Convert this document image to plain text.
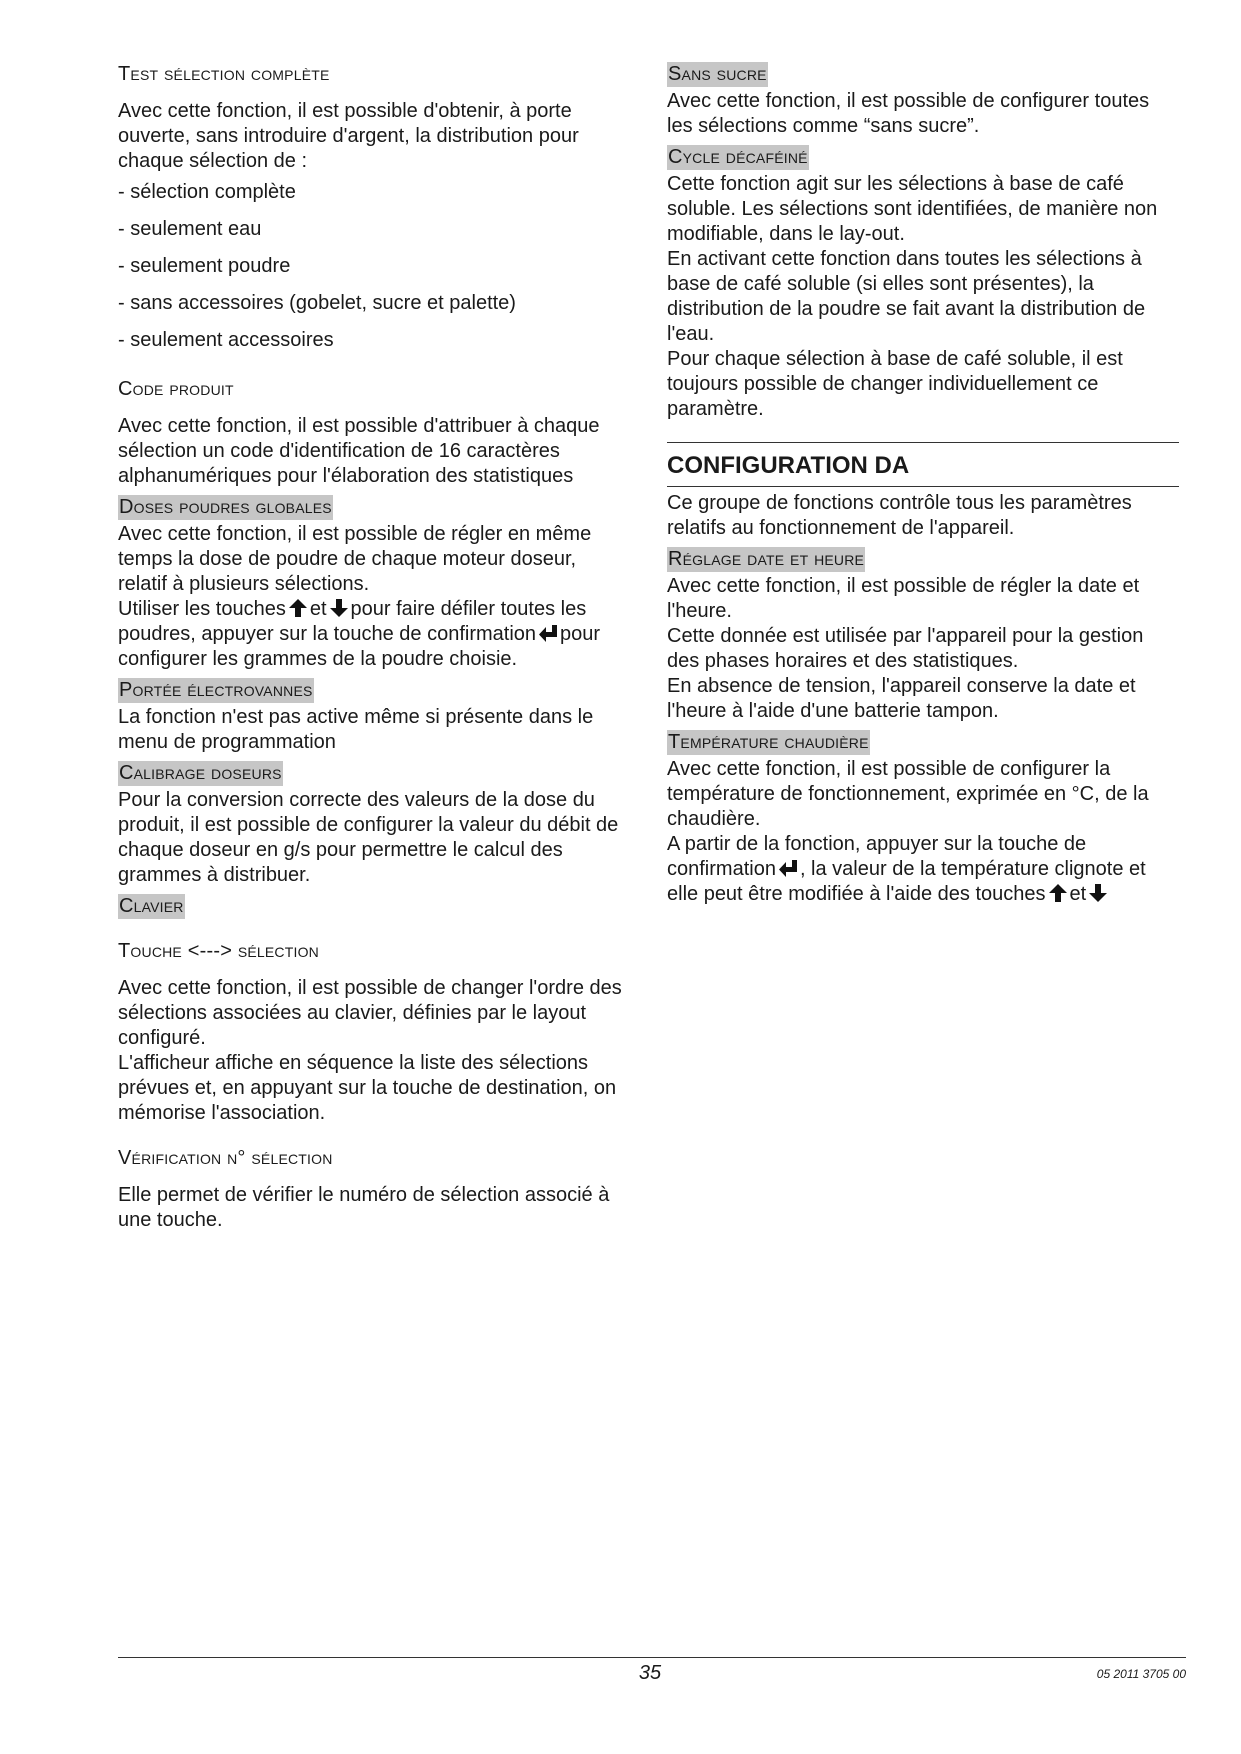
Test sélection complète

Avec cette fonction, il est possible d'obtenir, à porte ouverte, sans introduire d'argent, la distribution pour chaque sélection de :

- sélection complète

- seulement eau

- seulement poudre

- sans accessoires (gobelet, sucre et palette)

- seulement accessoires

Code produit

Avec cette fonction, il est possible d'attribuer à chaque sélection un code d'identification de 16 caractères alphanumériques pour l'élaboration des statistiques

Doses poudres globales

Avec cette fonction, il est possible de régler en même temps la dose de poudre de chaque moteur doseur, relatif à plusieurs sélections.

Utiliser les touches et pour faire défiler toutes les poudres, appuyer sur la touche de confirmation pour configurer les grammes de la poudre choisie.

Portée électrovannes

La fonction n'est pas active même si présente dans le menu de programmation

Calibrage doseurs

Pour la conversion correcte des valeurs de la dose du produit, il est possible de configurer la valeur du débit de chaque doseur en g/s pour permettre le calcul des grammes à distribuer.

Clavier
Touche <---> sélection

Avec cette fonction, il est possible de changer l'ordre des sélections associées au clavier, définies par le layout configuré.

L'afficheur affiche en séquence la liste des sélections prévues et, en appuyant sur la touche de destination, on mémorise l'association.

Vérification n° sélection

Elle permet de vérifier le numéro de sélection associé à une touche.

Sans sucre

Avec cette fonction, il est possible de configurer toutes les sélections comme “sans sucre”.

Cycle décaféiné

Cette fonction agit sur les sélections à base de café soluble. Les sélections sont identifiées, de manière non modifiable, dans le lay-out.

En activant cette fonction dans toutes les sélections à base de café soluble (si elles sont présentes), la distribution de la poudre se fait avant la distribution de l'eau.

Pour chaque sélection à base de café soluble, il est toujours possible de changer individuellement ce paramètre.

CONFIGURATION DA

Ce groupe de fonctions contrôle tous les paramètres relatifs au fonctionnement de l'appareil.

Réglage date et heure

Avec cette fonction, il est possible de régler la date et l'heure.

Cette donnée est utilisée par l'appareil pour la gestion des phases horaires et des statistiques.

En absence de tension, l'appareil conserve la date et l'heure à l'aide d'une batterie tampon.

Température chaudière

Avec cette fonction, il est possible de configurer la température de fonctionnement, exprimée en °C, de la chaudière.

A partir de la fonction, appuyer sur la touche de confirmation , la valeur de la température clignote et elle peut être modifiée à l'aide des touches et

35	05 2011 3705 00
